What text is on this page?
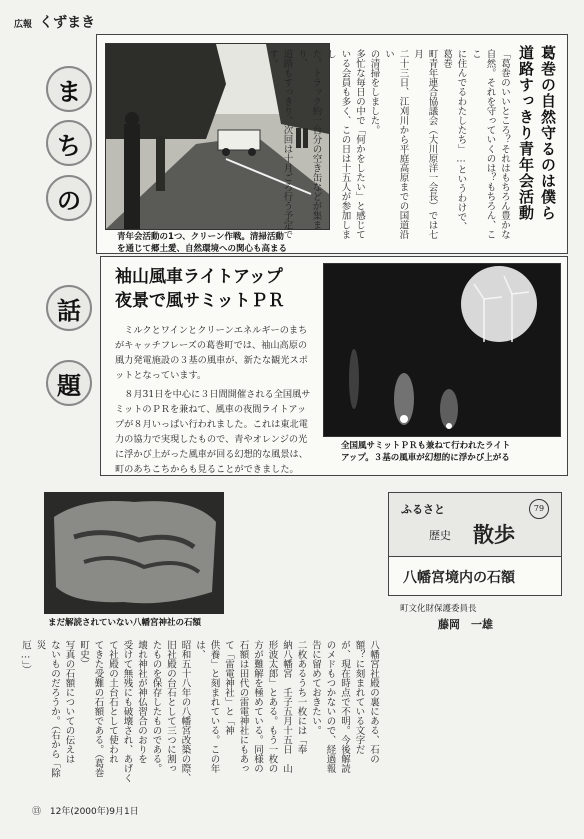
広報 くずまき
ま
ち
の
話
題
青年会活動の1つ、クリーン作戦。清掃活動
を通じて郷土愛、自然環境への関心も高まる
葛巻の自然守るのは僕ら
道路すっきり青年会活動
「葛巻のいいところ？それはもちろん豊かな
自然。それを守っていくのは？もちろん、ここ
に住んでるわたしたち」…というわけで、葛巻
町青年連合協議会（大川原洋一会長）では七月
二十三日、江刈川から平庭高原までの国道沿い
の清掃をしました。
多忙な毎日の中で「何かをしたい」と感じて
いる会員も多く、この日は十五人が参加しまし
た。トラック約一台分の空き缶などが集まり、
道路もすっきり。次回は十月ごろ行う予定です。
袖山風車ライトアップ
夜景で風サミットＰＲ

ミルクとワインとクリーンエネルギーのまちがキャッチフレーズの葛巻町では、袖山高原の風力発電施設の３基の風車が、新たな観光スポットとなっています。

８月31日を中心に３日間開催される全国風サミットのＰＲを兼ねて、風車の夜間ライトアップが８月いっぱい行われました。これは東北電力の協力で実現したもので、青やオレンジの光に浮かび上がった風車が回る幻想的な風景は、町のあちこちからも見ることができました。

全国風サミットＰＲも兼ねて行われたライト
アップ。３基の風車が幻想的に浮かび上がる
まだ解読されていない八幡宮神社の石額
ふるさと	79
歴史 散歩
八幡宮境内の石額
町文化財保護委員長
藤岡　一雄
八幡宮社殿の裏にある、石の
額？に刻まれている文字だ
が、現在時点で不明。今後解読
のメドもつかないので、経過報
告に留めておきたい。
二枚あるうち一枚には「奉
納八幡宮　壬子五月十五日　山
形波太郎」とある。もう一枚の
方が難解を極めている。同様の
石額は田代の雷電神社にもあっ
て「雷電神社」と「神
供養」と刻まれている。この年は、
昭和五十八年の八幡宮改築の際、
旧社殿の台石として三つに割っ
たものを保存したものである。
壊れ神社が神仏習合のおりを
受けて無残にも破壊され、あげく
て社殿の土台石として使われ
てきた受難の石額である。（葛巻
町史）
写真の石額についての伝えは
ないものだろうか。（右から「除災
厄…」）
⑬ 12年(2000年)9月1日
